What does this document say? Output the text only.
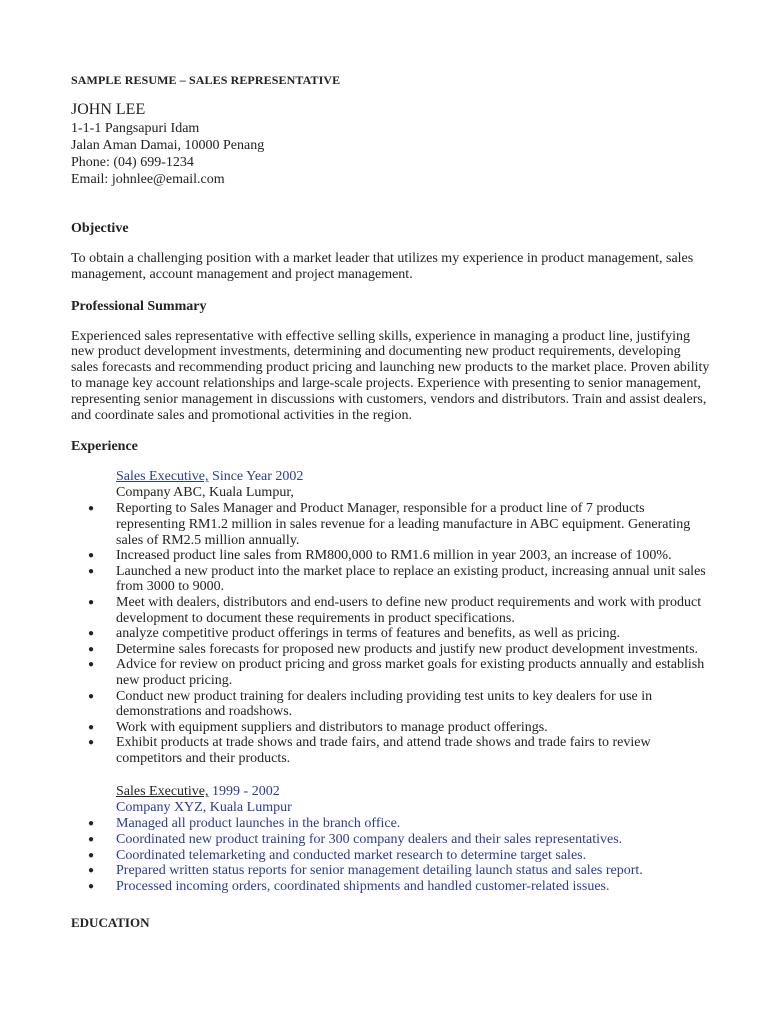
SAMPLE RESUME – SALES REPRESENTATIVE
JOHN LEE
1-1-1 Pangsapuri Idam
Jalan Aman Damai, 10000 Penang
Phone: (04) 699-1234
Email: johnlee@email.com
Objective

To obtain a challenging position with a market leader that utilizes my experience in product management, sales management, account management and project management.

Professional Summary

Experienced sales representative with effective selling skills, experience in managing a product line, justifying new product development investments, determining and documenting new product requirements, developing sales forecasts and recommending product pricing and launching new products to the market place. Proven ability to manage key account relationships and large-scale projects. Experience with presenting to senior management, representing senior management in discussions with customers, vendors and distributors. Train and assist dealers, and coordinate sales and promotional activities in the region.

Experience
Sales Executive, Since Year 2002
Company ABC, Kuala Lumpur,
● Reporting to Sales Manager and Product Manager, responsible for a product line of 7 products representing RM1.2 million in sales revenue for a leading manufacture in ABC equipment. Generating sales of RM2.5 million annually.
● Increased product line sales from RM800,000 to RM1.6 million in year 2003, an increase of 100%.
● Launched a new product into the market place to replace an existing product, increasing annual unit sales from 3000 to 9000.
● Meet with dealers, distributors and end-users to define new product requirements and work with product development to document these requirements in product specifications.
● analyze competitive product offerings in terms of features and benefits, as well as pricing.
● Determine sales forecasts for proposed new products and justify new product development investments.
● Advice for review on product pricing and gross market goals for existing products annually and establish new product pricing.
● Conduct new product training for dealers including providing test units to key dealers for use in demonstrations and roadshows.
● Work with equipment suppliers and distributors to manage product offerings.
● Exhibit products at trade shows and trade fairs, and attend trade shows and trade fairs to review competitors and their products.
Sales Executive, 1999 - 2002
Company XYZ, Kuala Lumpur
● Managed all product launches in the branch office.
● Coordinated new product training for 300 company dealers and their sales representatives.
● Coordinated telemarketing and conducted market research to determine target sales.
● Prepared written status reports for senior management detailing launch status and sales report.
● Processed incoming orders, coordinated shipments and handled customer-related issues.
EDUCATION
